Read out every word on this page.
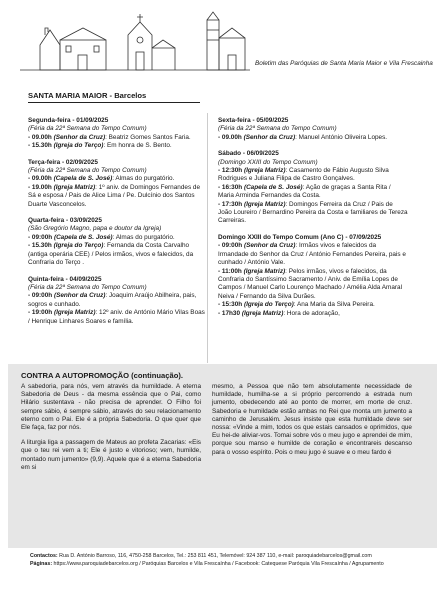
Boletim das Paróquias de Santa Maria Maior e Vila Frescainha
SANTA MARIA MAIOR - Barcelos
Segunda-feira - 01/09/2025
(Féria da 22ª Semana do Tempo Comum)
- 09.00h (Senhor da Cruz): Beatriz Gomes Santos Faria.
- 15.30h (Igreja do Terço): Em honra de S. Bento.
Terça-feira - 02/09/2025
(Féria da 22ª Semana do Tempo Comum)
- 09.00h (Capela de S. José): Almas do purgatório.
- 19.00h (Igreja Matriz): 1º aniv. de Domingos Fernandes de Sá e esposa / Pais de Alice Lima / Pe. Dulcínio dos Santos Duarte Vasconcelos.
Quarta-feira - 03/09/2025
(São Gregório Magno, papa e doutor da Igreja)
- 09:00h (Capela de S. José): Almas do purgatório.
- 15.30h (Igreja do Terço): Fernanda da Costa Carvalho (antiga operária CEE) / Pelos irmãos, vivos e falecidos, da Confraria do Terço .
Quinta-feira - 04/09/2025
(Féria da 22ª Semana do Tempo Comum)
- 09:00h (Senhor da Cruz): Joaquim Araújo Abilheira, pais, sogros e cunhado.
- 19:00h (Igreja Matriz): 12º aniv. de António Mário Vilas Boas / Henrique Linhares Soares e família.
Sexta-feira - 05/09/2025
(Féria da 22ª Semana do Tempo Comum)
- 09.00h (Senhor da Cruz): Manuel António Oliveira Lopes.
Sábado - 06/09/2025
(Domingo XXIII do Tempo Comum)
- 12:30h (Igreja Matriz): Casamento de Fábio Augusto Silva Rodrigues e Juliana Filipa de Castro Gonçalves.
- 16:30h (Capela de S. José): Ação de graças a Santa Rita / Maria Arminda Fernandes da Costa.
- 17:30h (Igreja Matriz): Domingos Ferreira da Cruz / Pais de João Loureiro / Bernardino Pereira da Costa e familiares de Tereza Carreiras.
Domingo XXIII do Tempo Comum (Ano C) - 07/09/2025
- 09:00h (Senhor da Cruz): Irmãos vivos e falecidos da Irmandade do Senhor da Cruz / António Fernandes Pereira, pais e cunhado / António Vale.
- 11:00h (Igreja Matriz): Pelos irmãos, vivos e falecidos, da Confraria do Santíssimo Sacramento / Aniv. de Emília Lopes de Campos / Manuel Carlo Lourenço Machado / Amélia Alda Amaral Neiva / Fernando da Silva Durães.
- 15:30h (Igreja do Terço): Ana Maria da Silva Pereira.
- 17h30 (Igreja Matriz): Hora de adoração,
CONTRA A AUTOPROMOÇÃO (continuação).

A sabedoria, para nós, vem através da humildade. A eterna Sabedoria de Deus - da mesma essência que o Pai, como Hilário sustentava - não precisa de aprender. O Filho foi sempre sábio, é sempre sábio, através do seu relacionamento eterno com o Pai. Ele é a própria Sabedoria. O que quer que Ele faça, faz por nós.

A liturgia liga a passagem de Mateus ao profeta Zacarias: «Eis que o teu rei vem a ti; Ele é justo e vitorioso; vem, humilde, montado num jumento» (9,9). Aquele que é a eterna Sabedoria em si

mesmo, a Pessoa que não tem absolutamente necessidade de humildade, humilha-se a si próprio percorrendo a estrada num jumento, obedecendo até ao ponto de morrer, em morte de cruz. Sabedoria e humildade estão ambas no Rei que monta um jumento a caminho de Jerusalém. Jesus insiste que esta humildade deve ser nossa: «Vinde a mim, todos os que estais cansados e oprimidos, que Eu hei-de aliviar-vos. Tomai sobre vós o meu jugo e aprendei de mim, porque sou manso e humilde de coração e encontrareis descanso para o vosso espírito. Pois o meu jugo é suave e o meu fardo é

Contactos: Rua D. António Barroso, 116, 4750-258 Barcelos, Tel.: 253 811 451, Telemóvel: 924 387 110, e-mail: paroquiadebarcelos@gmail.com
Páginas: https://www.paroquiadebarcelos.org / Paróquias Barcelos e Vila Frescaínha / Facebook: Catequese Paróquia Vila Frescaínha / Agrupamento
